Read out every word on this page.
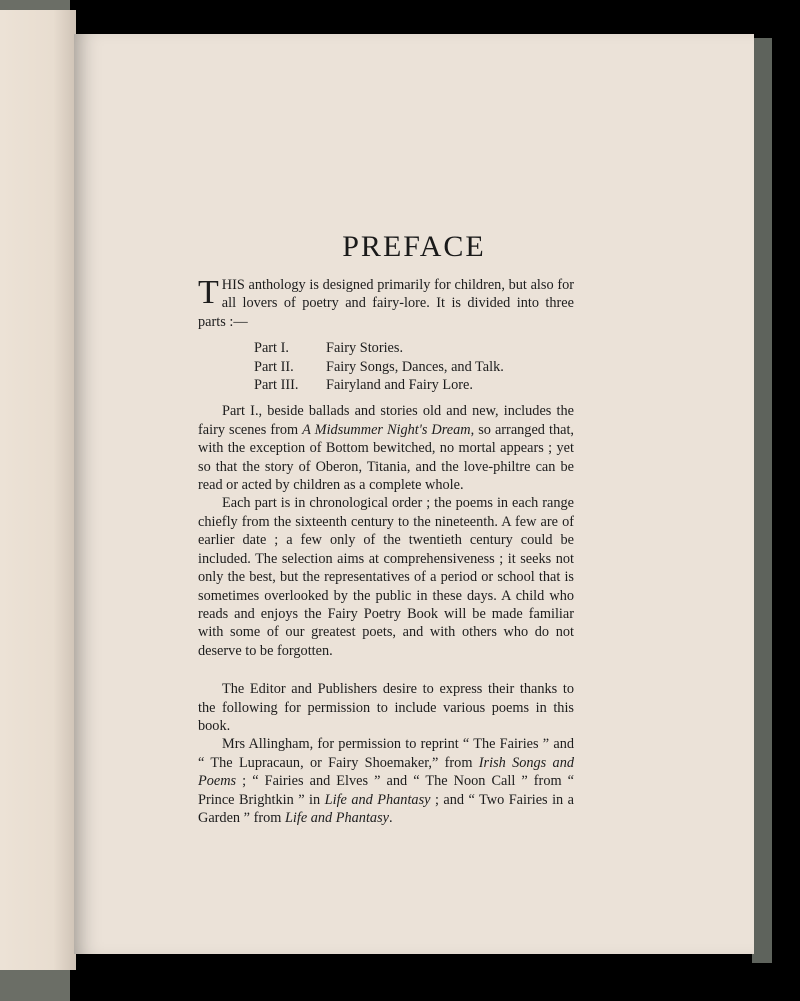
PREFACE

THIS anthology is designed primarily for children, but also for all lovers of poetry and fairy-lore. It is divided into three parts :—

Part I.	Fairy Stories.
Part II.	Fairy Songs, Dances, and Talk.
Part III.	Fairyland and Fairy Lore.

Part I., beside ballads and stories old and new, includes the fairy scenes from A Midsummer Night's Dream, so arranged that, with the exception of Bottom bewitched, no mortal appears ; yet so that the story of Oberon, Titania, and the love-philtre can be read or acted by children as a complete whole.

Each part is in chronological order ; the poems in each range chiefly from the sixteenth century to the nineteenth. A few are of earlier date ; a few only of the twentieth century could be included. The selection aims at comprehensiveness ; it seeks not only the best, but the representatives of a period or school that is sometimes overlooked by the public in these days. A child who reads and enjoys the Fairy Poetry Book will be made familiar with some of our greatest poets, and with others who do not deserve to be forgotten.

The Editor and Publishers desire to express their thanks to the following for permission to include various poems in this book.

Mrs Allingham, for permission to reprint “ The Fairies ” and “ The Lupracaun, or Fairy Shoemaker,” from Irish Songs and Poems ; “ Fairies and Elves ” and “ The Noon Call ” from “ Prince Brightkin ” in Life and Phantasy ; and “ Two Fairies in a Garden ” from Life and Phantasy.
